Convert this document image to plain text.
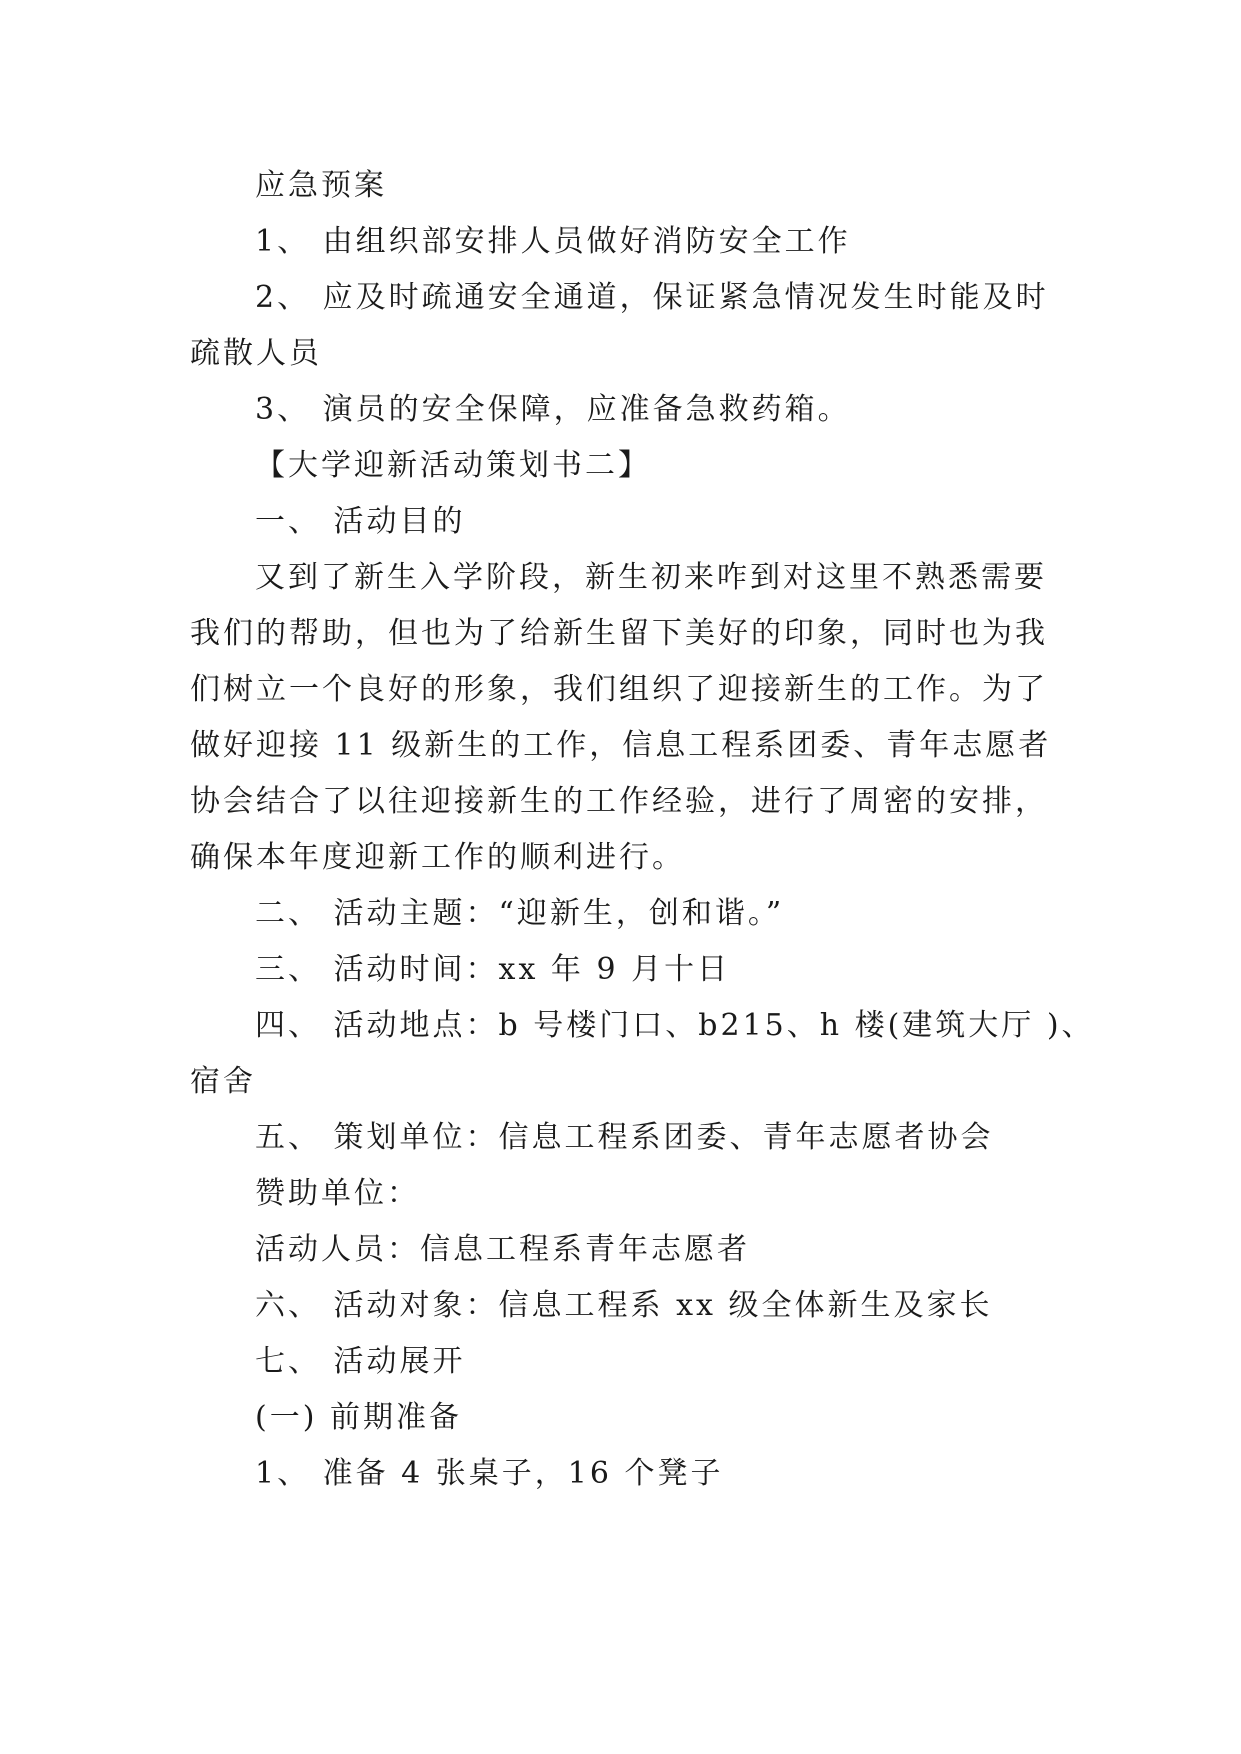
应急预案
1、 由组织部安排人员做好消防安全工作
2、 应及时疏通安全通道，保证紧急情况发生时能及时
疏散人员
3、 演员的安全保障，应准备急救药箱。
【大学迎新活动策划书二】
一、 活动目的
又到了新生入学阶段，新生初来咋到对这里不熟悉需要
我们的帮助，但也为了给新生留下美好的印象，同时也为我
们树立一个良好的形象，我们组织了迎接新生的工作。为了
做好迎接 11 级新生的工作，信息工程系团委、青年志愿者
协会结合了以往迎接新生的工作经验，进行了周密的安排，
确保本年度迎新工作的顺利进行。
二、 活动主题：“迎新生，创和谐。”
三、 活动时间：xx 年 9 月十日
四、 活动地点：b 号楼门口、b215、h 楼(建筑大厅 )、
宿舍
五、 策划单位：信息工程系团委、青年志愿者协会
赞助单位：
活动人员：信息工程系青年志愿者
六、 活动对象：信息工程系 xx 级全体新生及家长
七、 活动展开
(一) 前期准备
1、 准备 4 张桌子，16 个凳子
